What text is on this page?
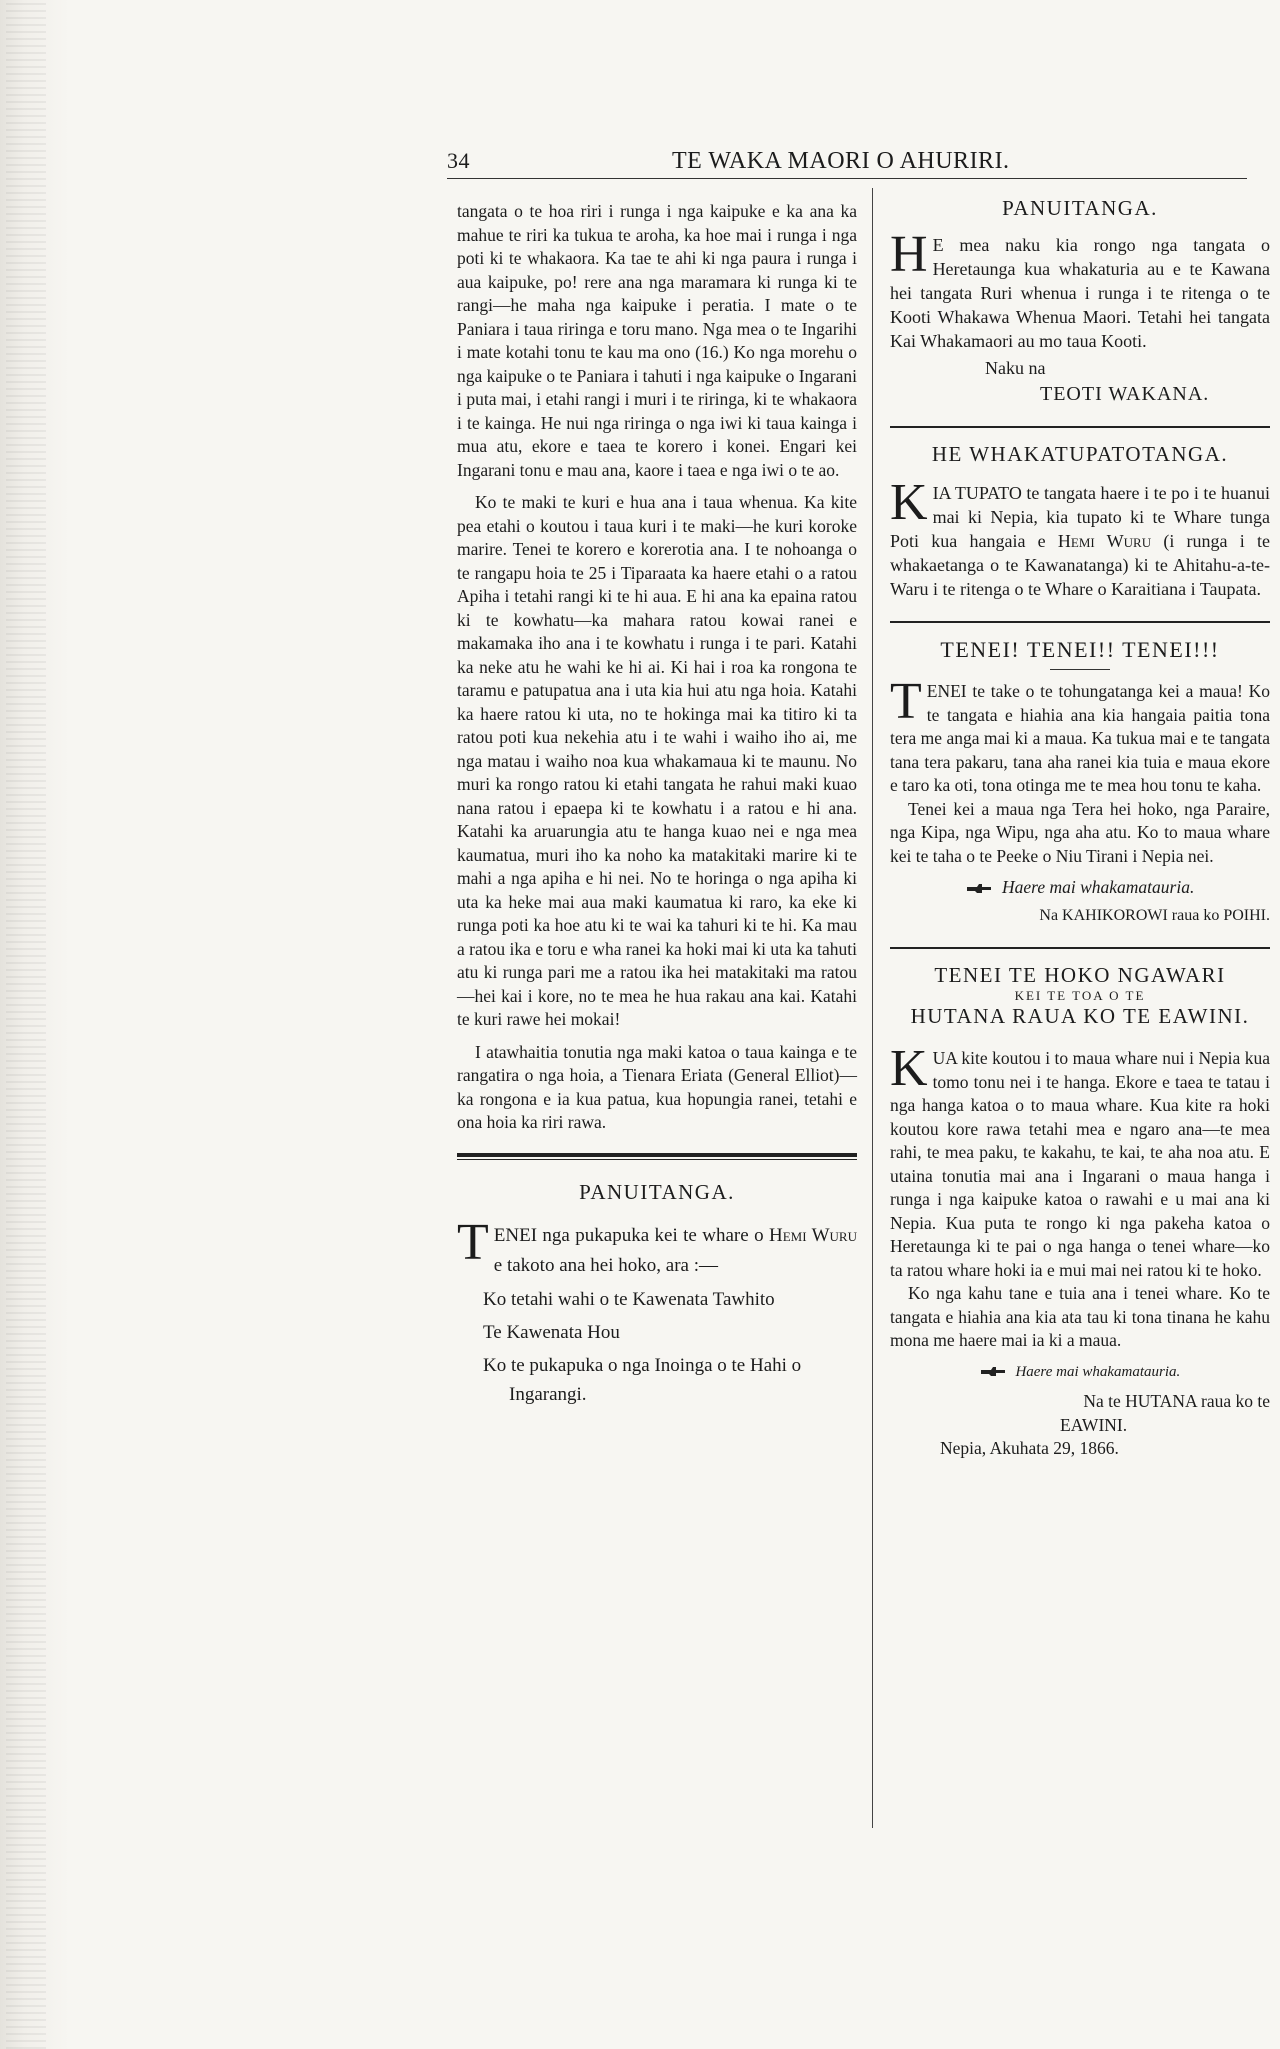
34	TE WAKA MAORI O AHURIRI.

tangata o te hoa riri i runga i nga kaipuke e ka ana ka mahue te riri ka tukua te aroha, ka hoe mai i runga i nga poti ki te whakaora. Ka tae te ahi ki nga paura i runga i aua kaipuke, po! rere ana nga maramara ki runga ki te rangi—he maha nga kaipuke i peratia. I mate o te Paniara i taua riringa e toru mano. Nga mea o te Ingarihi i mate kotahi tonu te kau ma ono (16.) Ko nga morehu o nga kaipuke o te Paniara i tahuti i nga kaipuke o Ingarani i puta mai, i etahi rangi i muri i te riringa, ki te whakaora i te kainga. He nui nga riringa o nga iwi ki taua kainga i mua atu, ekore e taea te korero i konei. Engari kei Ingarani tonu e mau ana, kaore i taea e nga iwi o te ao.

Ko te maki te kuri e hua ana i taua whenua. Ka kite pea etahi o koutou i taua kuri i te maki—he kuri koroke marire. Tenei te korero e korerotia ana. I te nohoanga o te rangapu hoia te 25 i Tiparaata ka haere etahi o a ratou Apiha i tetahi rangi ki te hi aua. E hi ana ka epaina ratou ki te kowhatu—ka mahara ratou kowai ranei e makamaka iho ana i te kowhatu i runga i te pari. Katahi ka neke atu he wahi ke hi ai. Ki hai i roa ka rongona te taramu e patupatua ana i uta kia hui atu nga hoia. Katahi ka haere ratou ki uta, no te hokinga mai ka titiro ki ta ratou poti kua nekehia atu i te wahi i waiho iho ai, me nga matau i waiho noa kua whakamaua ki te maunu. No muri ka rongo ratou ki etahi tangata he rahui maki kuao nana ratou i epaepa ki te kowhatu i a ratou e hi ana. Katahi ka aruarungia atu te hanga kuao nei e nga mea kaumatua, muri iho ka noho ka matakitaki marire ki te mahi a nga apiha e hi nei. No te horinga o nga apiha ki uta ka heke mai aua maki kaumatua ki raro, ka eke ki runga poti ka hoe atu ki te wai ka tahuri ki te hi. Ka mau a ratou ika e toru e wha ranei ka hoki mai ki uta ka tahuti atu ki runga pari me a ratou ika hei matakitaki ma ratou—hei kai i kore, no te mea he hua rakau ana kai. Katahi te kuri rawe hei mokai!

I atawhaitia tonutia nga maki katoa o taua kainga e te rangatira o nga hoia, a Tienara Eriata (General Elliot)—ka rongona e ia kua patua, kua hopungia ranei, tetahi e ona hoia ka riri rawa.

PANUITANGA.

TENEI nga pukapuka kei te whare o Hemi Wuru e takoto ana hei hoko, ara :—

Ko tetahi wahi o te Kawenata Tawhito

Te Kawenata Hou

Ko te pukapuka o nga Inoinga o te Hahi o Ingarangi.

PANUITANGA.

HE mea naku kia rongo nga tangata o Heretaunga kua whakaturia au e te Kawana hei tangata Ruri whenua i runga i te ritenga o te Kooti Whakawa Whenua Maori. Tetahi hei tangata Kai Whakamaori au mo taua Kooti.

Naku na

TEOTI WAKANA.

HE WHAKATUPATOTANGA.

KIA TUPATO te tangata haere i te po i te huanui mai ki Nepia, kia tupato ki te Whare tunga Poti kua hangaia e Hemi Wuru (i runga i te whakaetanga o te Kawanatanga) ki te Ahitahu-a-te-Waru i te ritenga o te Whare o Karaitiana i Taupata.

TENEI! TENEI!! TENEI!!!

TENEI te take o te tohungatanga kei a maua! Ko te tangata e hiahia ana kia hangaia paitia tona tera me anga mai ki a maua. Ka tukua mai e te tangata tana tera pakaru, tana aha ranei kia tuia e maua ekore e taro ka oti, tona otinga me te mea hou tonu te kaha.

Tenei kei a maua nga Tera hei hoko, nga Paraire, nga Kipa, nga Wipu, nga aha atu. Ko to maua whare kei te taha o te Peeke o Niu Tirani i Nepia nei.

Haere mai whakamatauria.

Na KAHIKOROWI raua ko POIHI.

TENEI TE HOKO NGAWARI

KEI TE TOA O TE

HUTANA RAUA KO TE EAWINI.

KUA kite koutou i to maua whare nui i Nepia kua tomo tonu nei i te hanga. Ekore e taea te tatau i nga hanga katoa o to maua whare. Kua kite ra hoki koutou kore rawa tetahi mea e ngaro ana—te mea rahi, te mea paku, te kakahu, te kai, te aha noa atu. E utaina tonutia mai ana i Ingarani o maua hanga i runga i nga kaipuke katoa o rawahi e u mai ana ki Nepia. Kua puta te rongo ki nga pakeha katoa o Heretaunga ki te pai o nga hanga o tenei whare—ko ta ratou whare hoki ia e mui mai nei ratou ki te hoko.

Ko nga kahu tane e tuia ana i tenei whare. Ko te tangata e hiahia ana kia ata tau ki tona tinana he kahu mona me haere mai ia ki a maua.

Haere mai whakamatauria.

Na te HUTANA raua ko te

EAWINI.

Nepia, Akuhata 29, 1866.
